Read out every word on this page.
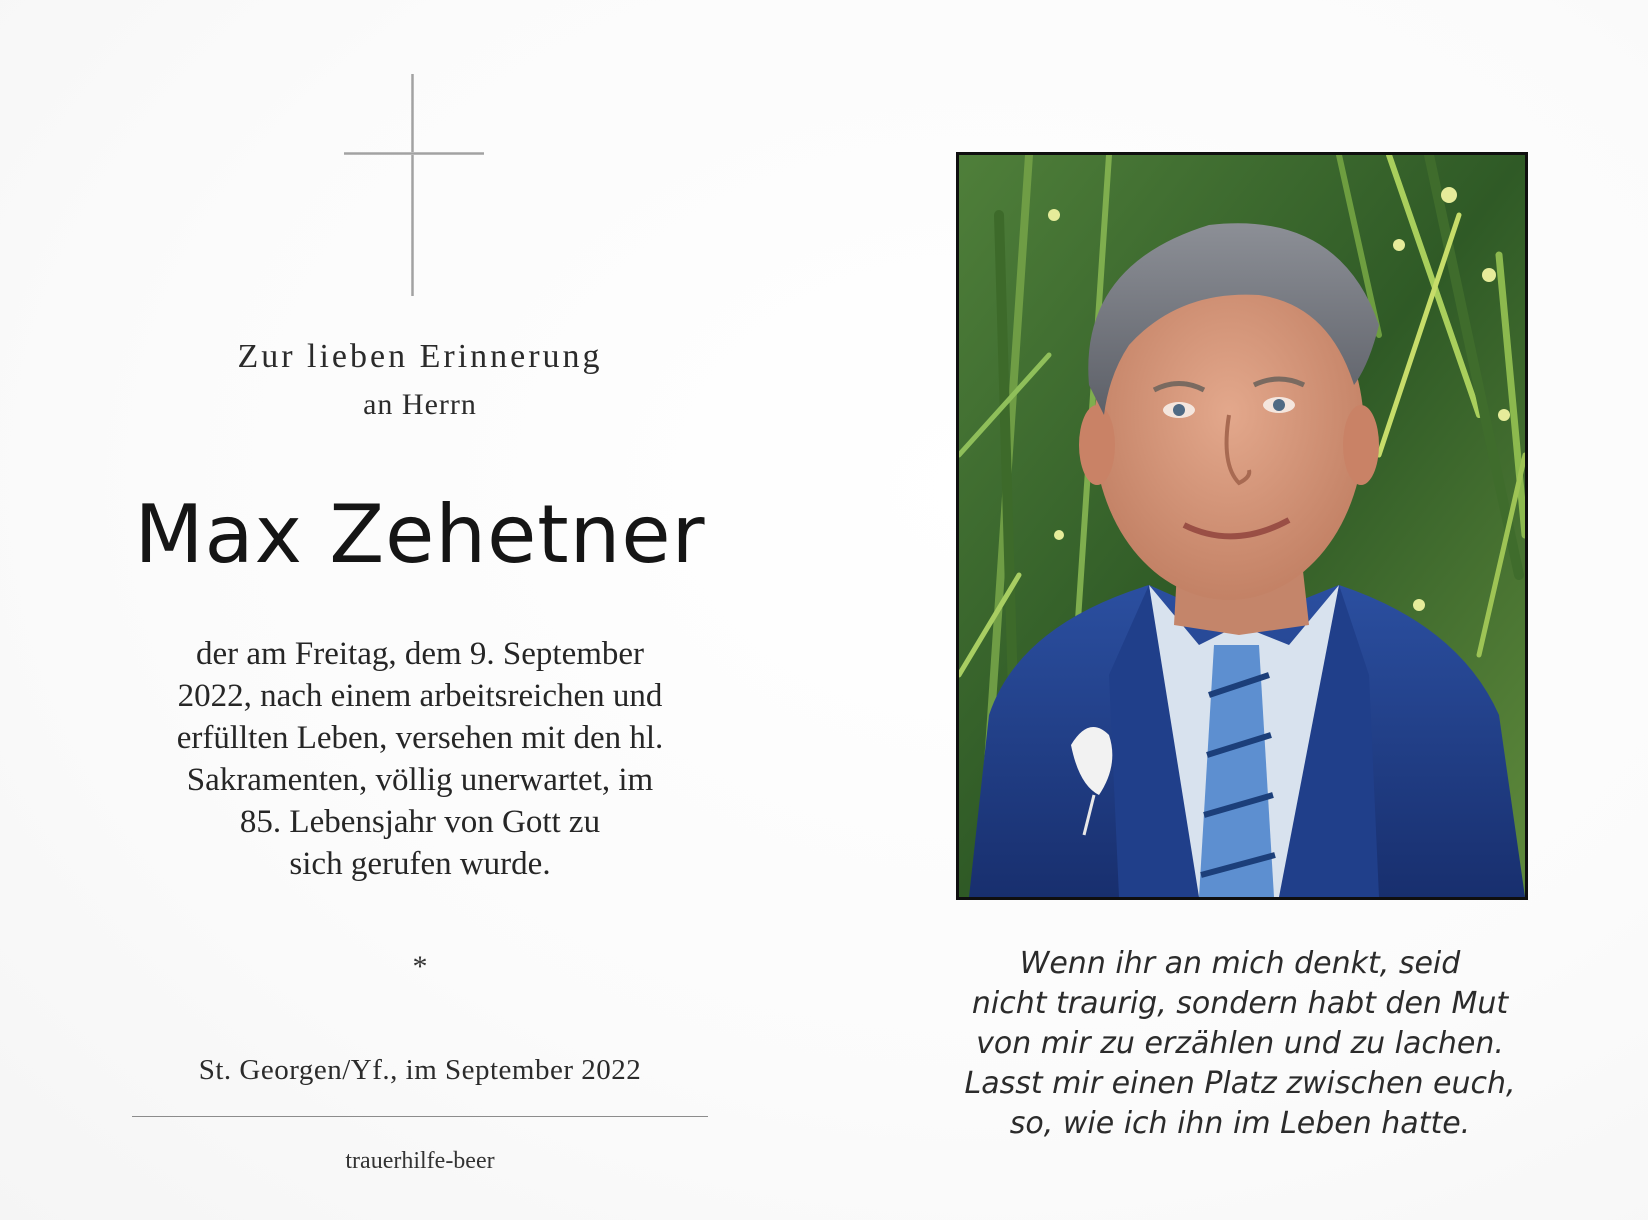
Zur lieben Erinnerung
an Herrn
Max Zehetner
der am Freitag, dem 9. September
2022, nach einem arbeitsreichen und
erfüllten Leben, versehen mit den hl.
Sakramenten, völlig unerwartet, im
85. Lebensjahr von Gott zu
sich gerufen wurde.
*
St. Georgen/Yf., im September 2022
trauerhilfe-beer
Wenn ihr an mich denkt, seid
nicht traurig, sondern habt den Mut
von mir zu erzählen und zu lachen.
Lasst mir einen Platz zwischen euch,
so, wie ich ihn im Leben hatte.
